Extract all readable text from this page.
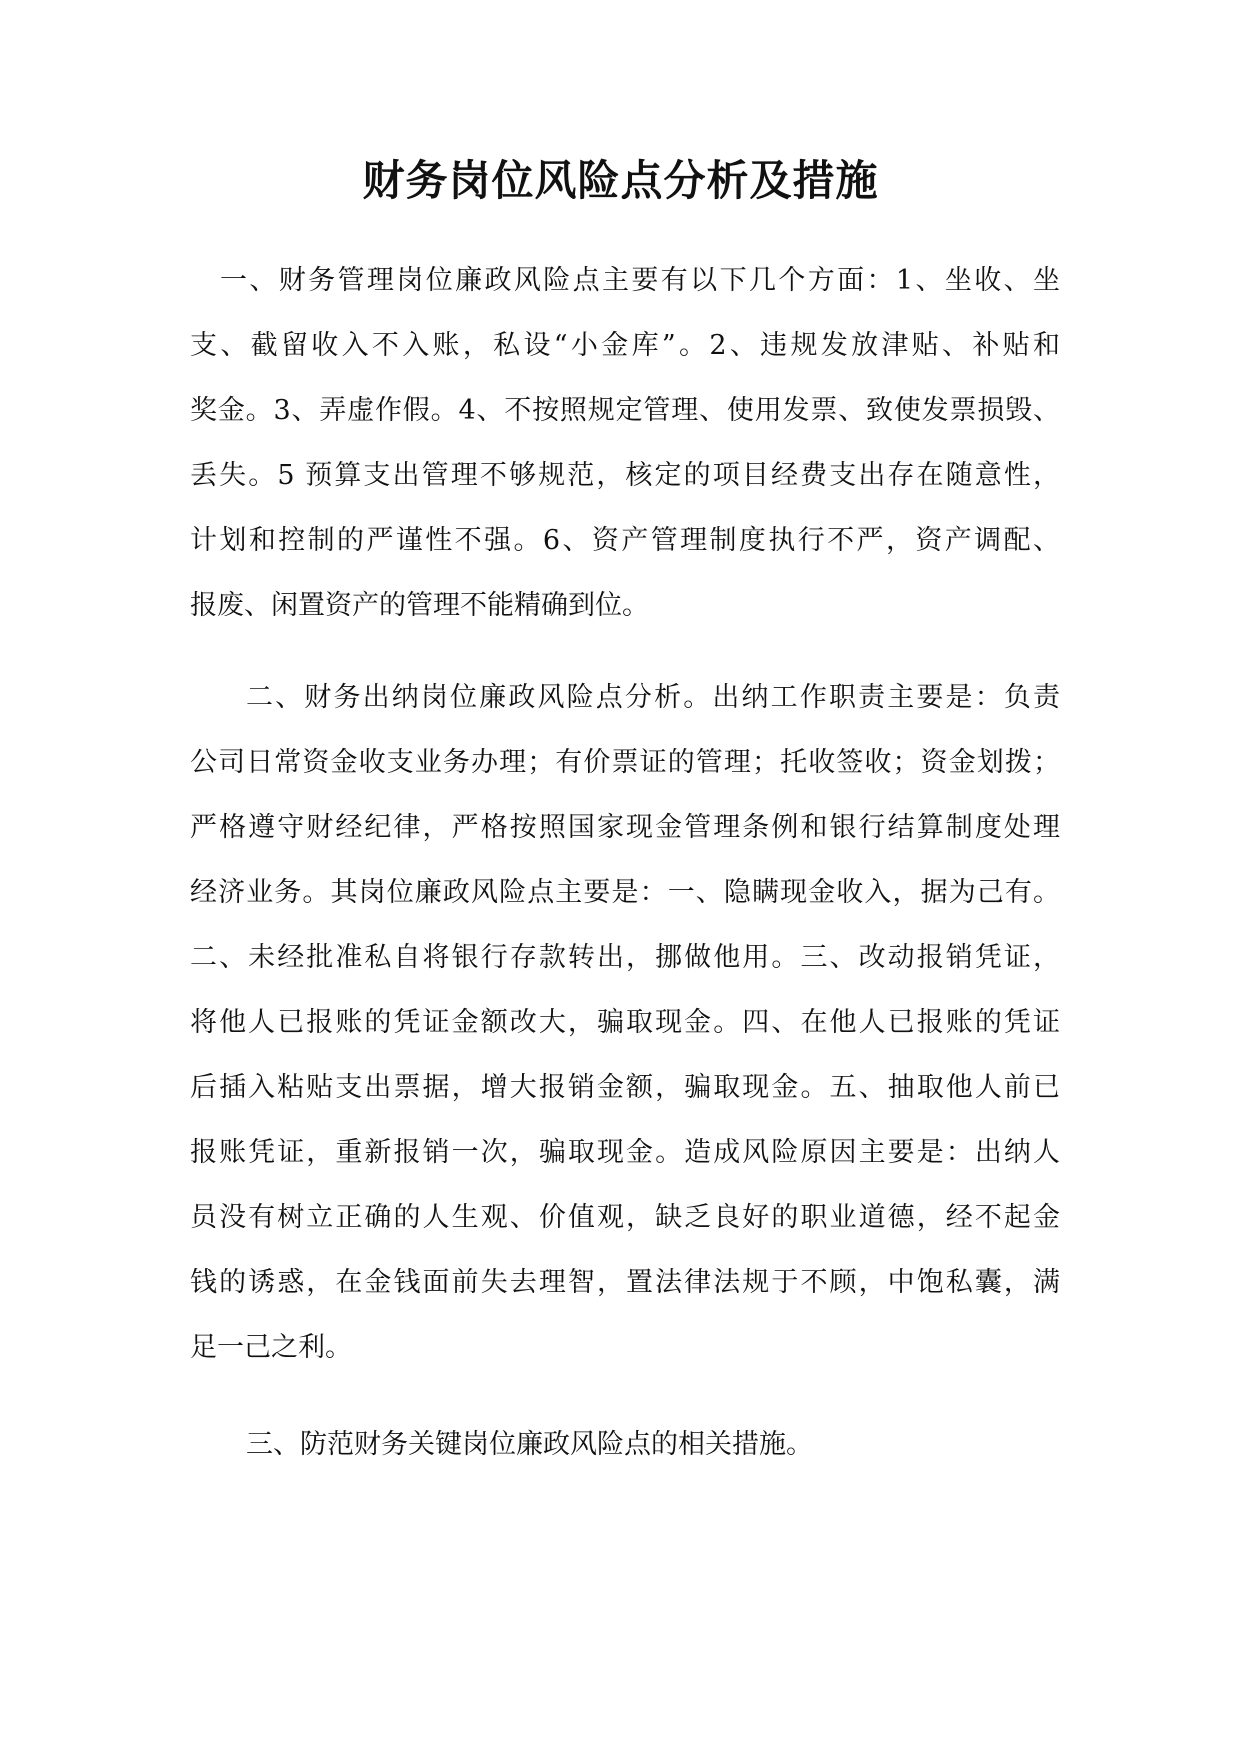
财务岗位风险点分析及措施
一、财务管理岗位廉政风险点主要有以下几个方面：1、坐收、坐
支、截留收入不入账，私设“小金库”。2、违规发放津贴、补贴和
奖金。3、弄虚作假。4、不按照规定管理、使用发票、致使发票损毁、
丢失。5 预算支出管理不够规范，核定的项目经费支出存在随意性，
计划和控制的严谨性不强。6、资产管理制度执行不严，资产调配、
报废、闲置资产的管理不能精确到位。
二、财务出纳岗位廉政风险点分析。出纳工作职责主要是：负责
公司日常资金收支业务办理；有价票证的管理；托收签收；资金划拨；
严格遵守财经纪律，严格按照国家现金管理条例和银行结算制度处理
经济业务。其岗位廉政风险点主要是：一、隐瞒现金收入，据为己有。
二、未经批准私自将银行存款转出，挪做他用。三、改动报销凭证，
将他人已报账的凭证金额改大，骗取现金。四、在他人已报账的凭证
后插入粘贴支出票据，增大报销金额，骗取现金。五、抽取他人前已
报账凭证，重新报销一次，骗取现金。造成风险原因主要是：出纳人
员没有树立正确的人生观、价值观，缺乏良好的职业道德，经不起金
钱的诱惑，在金钱面前失去理智，置法律法规于不顾，中饱私囊，满
足一己之利。
三、防范财务关键岗位廉政风险点的相关措施。
